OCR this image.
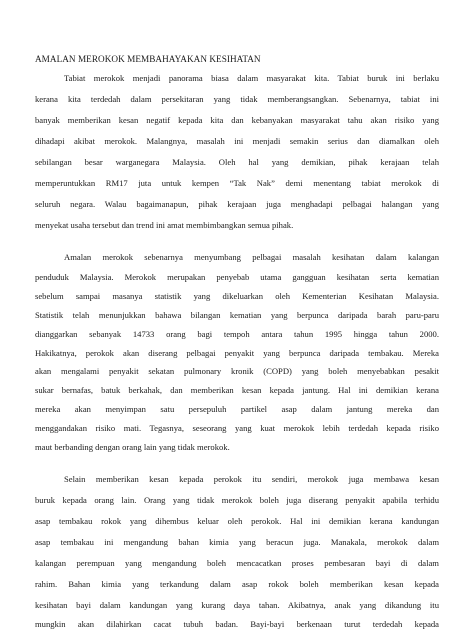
AMALAN MEROKOK MEMBAHAYAKAN KESIHATAN
Tabiat merokok menjadi panorama biasa dalam masyarakat kita. Tabiat buruk ini berlaku
kerana kita terdedah dalam persekitaran yang tidak memberangsangkan. Sebenarnya, tabiat ini
banyak memberikan kesan negatif kepada kita dan kebanyakan masyarakat tahu akan risiko yang
dihadapi akibat merokok. Malangnya, masalah ini menjadi semakin serius dan diamalkan oleh
sebilangan besar warganegara Malaysia. Oleh hal yang demikian, pihak kerajaan telah
memperuntukkan RM17 juta untuk kempen “Tak Nak” demi menentang tabiat merokok di
seluruh negara. Walau bagaimanapun, pihak kerajaan juga menghadapi pelbagai halangan yang
menyekat usaha tersebut dan trend ini amat membimbangkan semua pihak.
Amalan merokok sebenarnya menyumbang pelbagai masalah kesihatan dalam kalangan
penduduk Malaysia. Merokok merupakan penyebab utama gangguan kesihatan serta kematian
sebelum sampai masanya statistik yang dikeluarkan oleh Kementerian Kesihatan Malaysia.
Statistik telah menunjukkan bahawa bilangan kematian yang berpunca daripada barah paru-paru
dianggarkan sebanyak 14733 orang bagi tempoh antara tahun 1995 hingga tahun 2000.
Hakikatnya, perokok akan diserang pelbagai penyakit yang berpunca daripada tembakau. Mereka
akan mengalami penyakit sekatan pulmonary kronik (COPD) yang boleh menyebabkan pesakit
sukar bernafas, batuk berkahak, dan memberikan kesan kepada jantung. Hal ini demikian kerana
mereka akan menyimpan satu persepuluh partikel asap dalam jantung mereka dan
menggandakan risiko mati. Tegasnya, seseorang yang kuat merokok lebih terdedah kepada risiko
maut berbanding dengan orang lain yang tidak merokok.
Selain memberikan kesan kepada perokok itu sendiri, merokok juga membawa kesan
buruk kepada orang lain. Orang yang tidak merokok boleh juga diserang penyakit apabila terhidu
asap tembakau rokok yang dihembus keluar oleh perokok. Hal ini demikian kerana kandungan
asap tembakau ini mengandung bahan kimia yang beracun juga. Manakala, merokok dalam
kalangan perempuan yang mengandung boleh mencacatkan proses pembesaran bayi di dalam
rahim. Bahan kimia yang terkandung dalam asap rokok boleh memberikan kesan kepada
kesihatan bayi dalam kandungan yang kurang daya tahan. Akibatnya, anak yang dikandung itu
mungkin akan dilahirkan cacat tubuh badan. Bayi-bayi berkenaan turut terdedah kepada
